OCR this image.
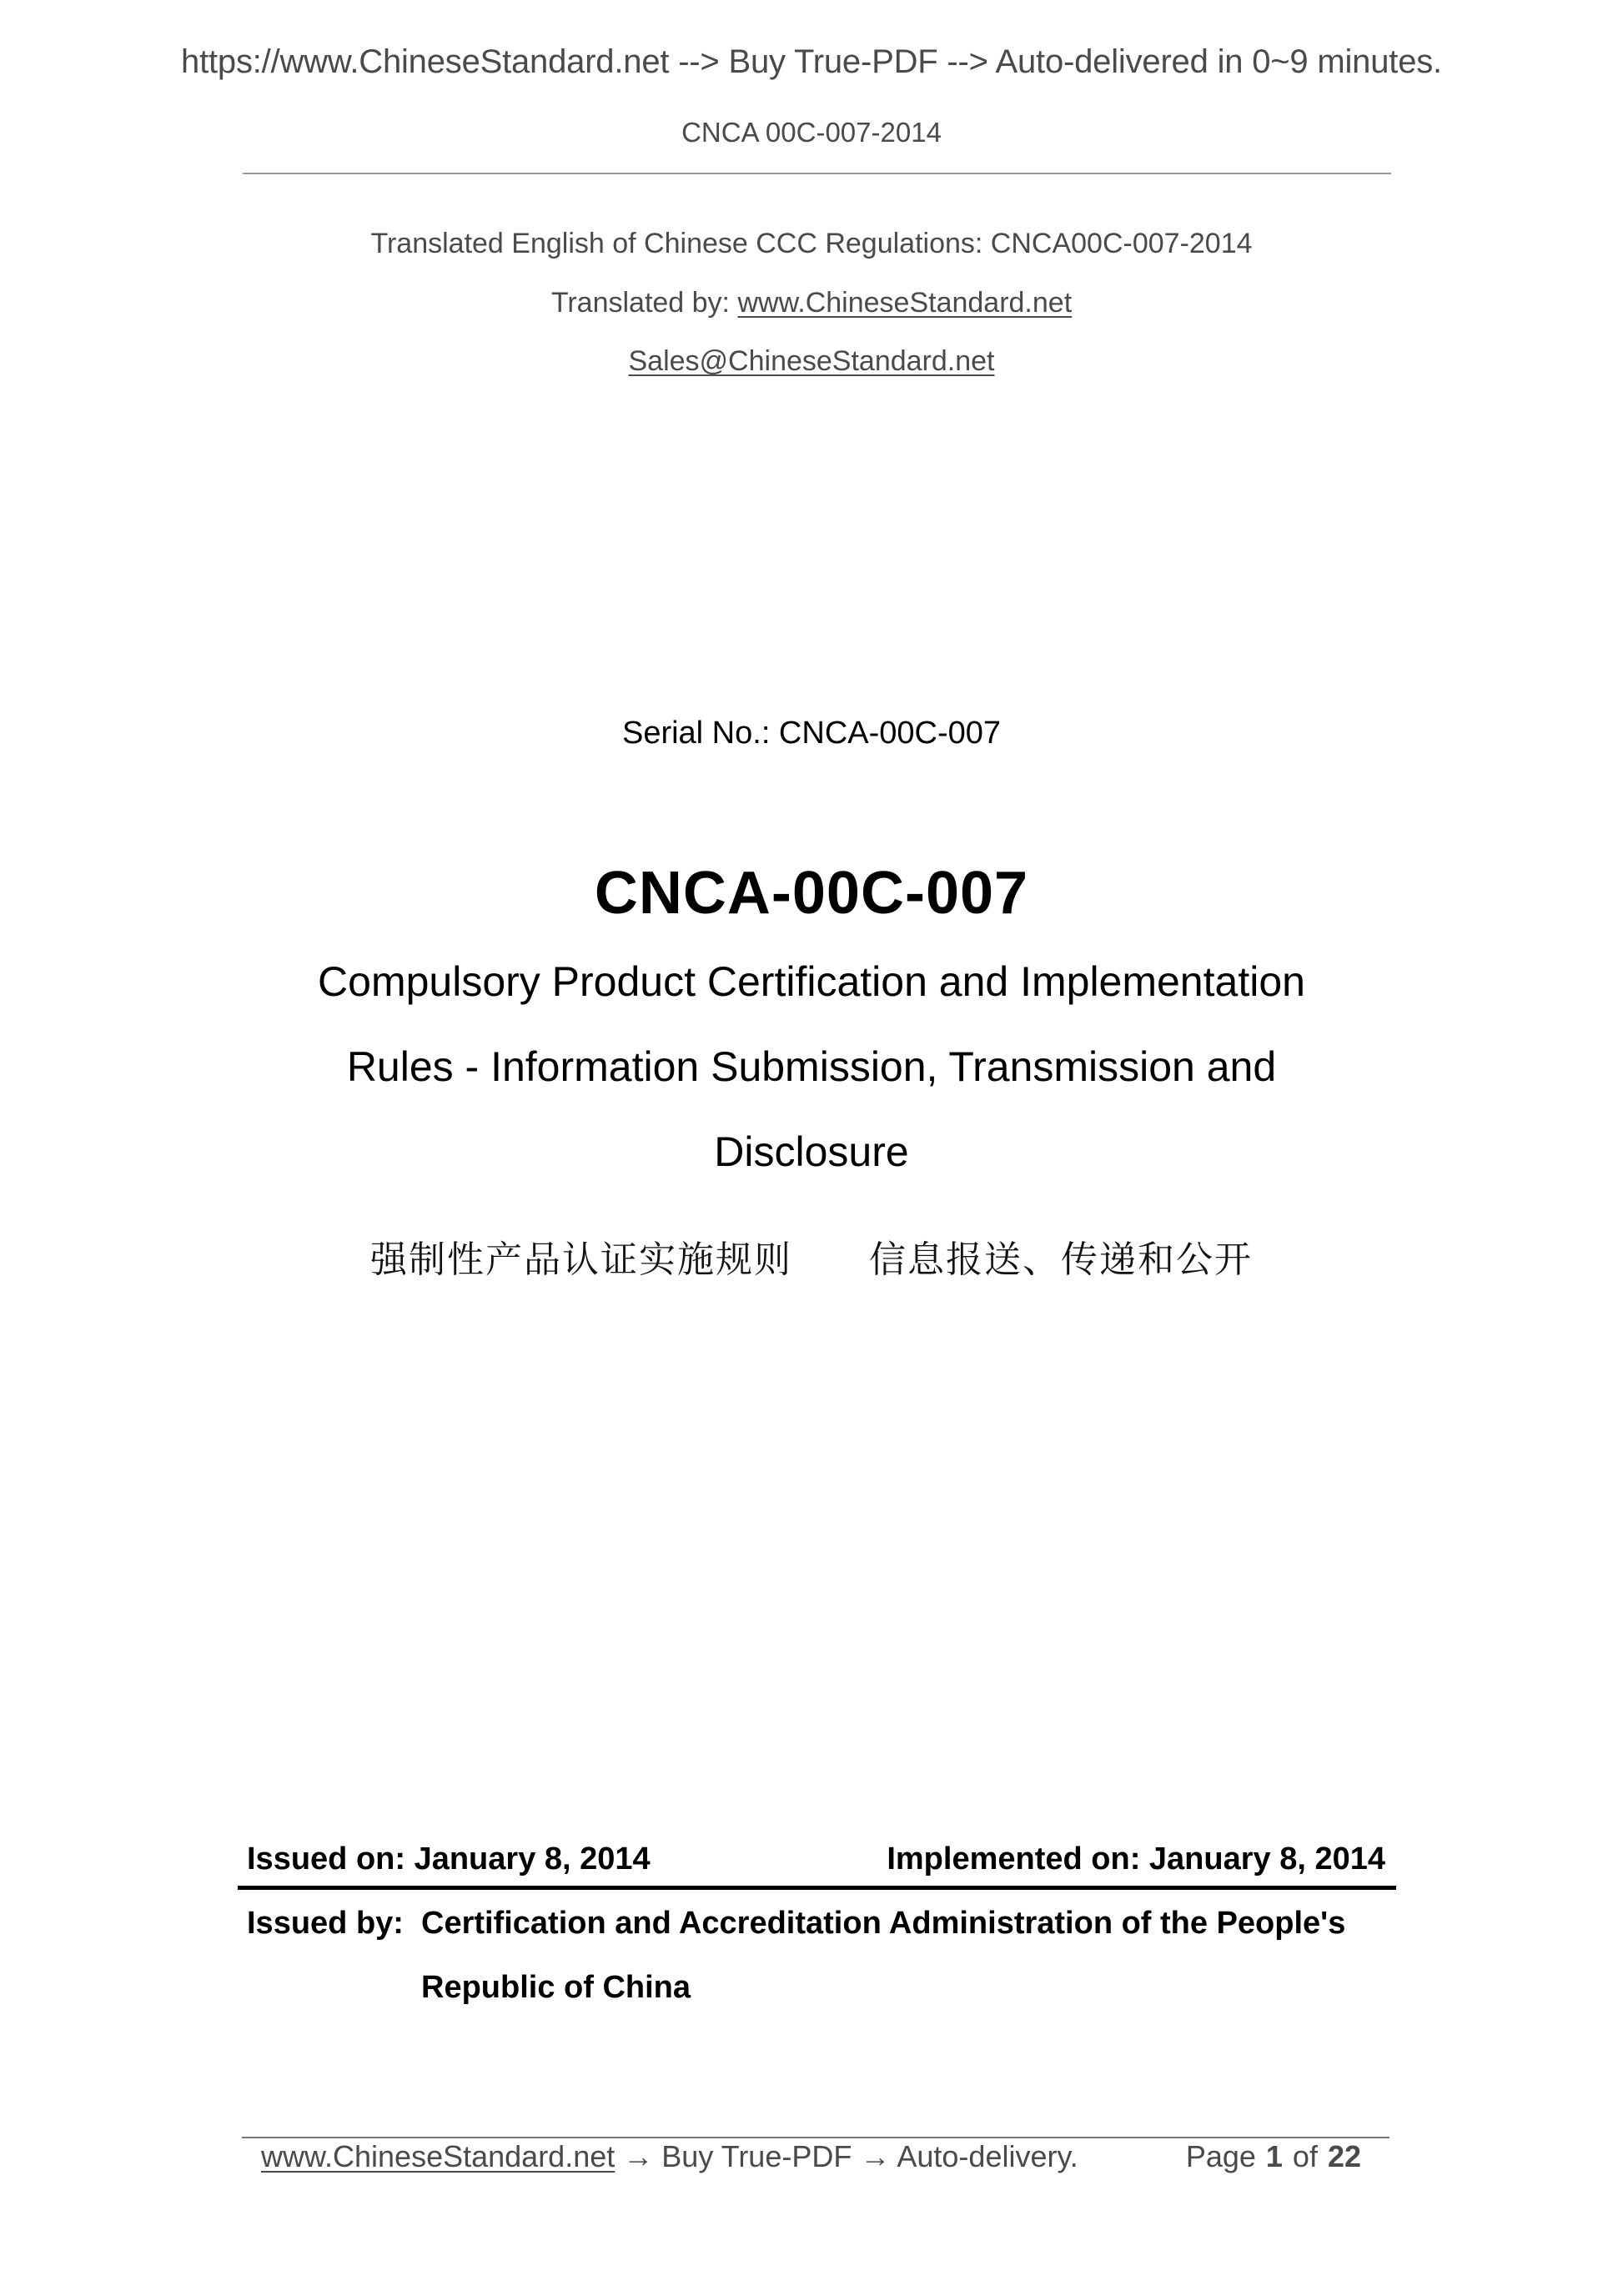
https://www.ChineseStandard.net --> Buy True-PDF --> Auto-delivered in 0~9 minutes.
CNCA 00C-007-2014
Translated English of Chinese CCC Regulations: CNCA00C-007-2014
Translated by: www.ChineseStandard.net
Sales@ChineseStandard.net
Serial No.: CNCA-00C-007
CNCA-00C-007
Compulsory Product Certification and Implementation
Rules - Information Submission, Transmission and
Disclosure
强制性产品认证实施规则　　信息报送、传递和公开
Issued on: January 8, 2014	Implemented on: January 8, 2014
Issued by: Certification and Accreditation Administration of the People's
Republic of China
www.ChineseStandard.net → Buy True-PDF → Auto-delivery.	Page 1 of 22
